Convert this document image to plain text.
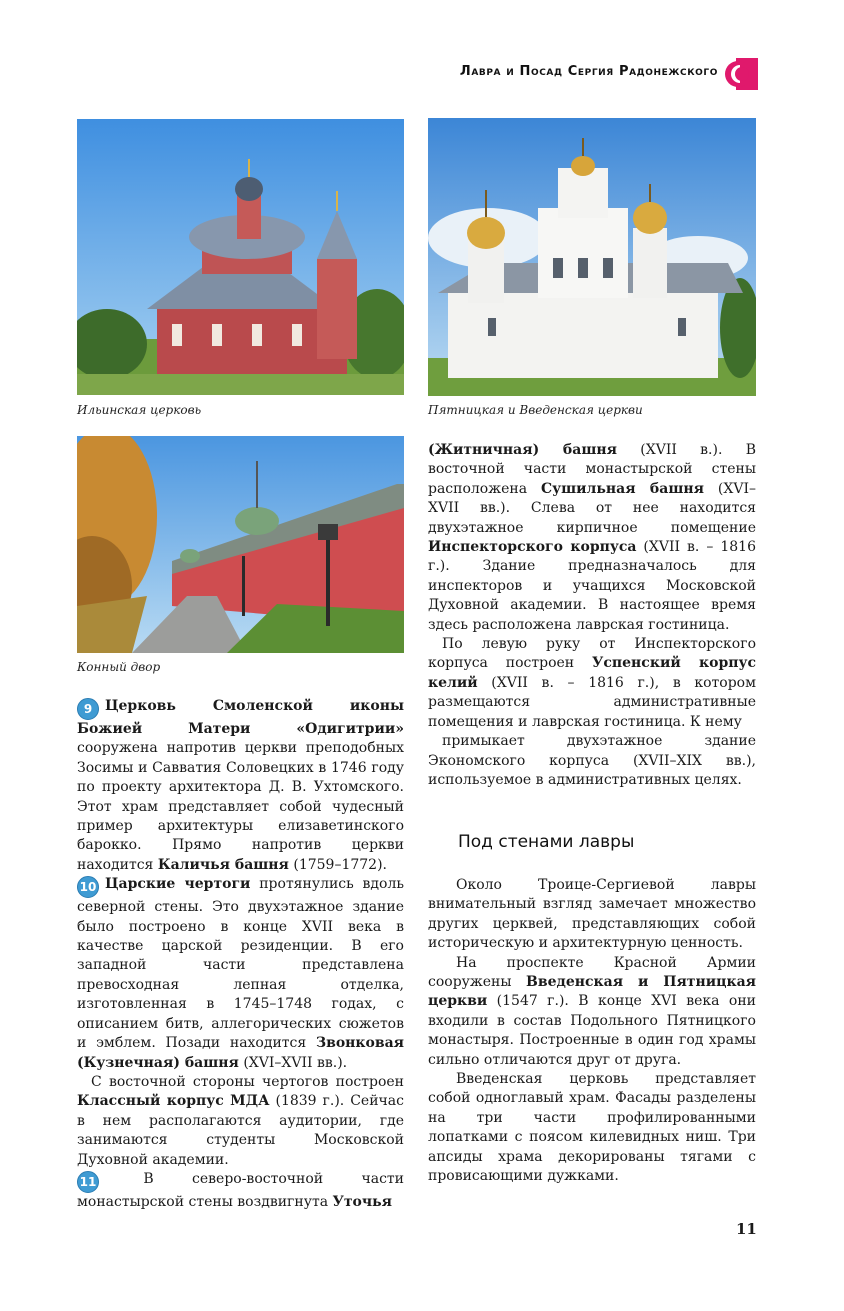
Лавра и Посад Сергия Радонежского
Ильинская церковь	Пятницкая и Введенская церкви
Конный двор

9 Церковь Смоленской иконы Божией Матери «Одигитрии» сооружена напротив церкви преподобных Зосимы и Савватия Соловецких в 1746 году по проекту архитектора Д. В. Ухтомского. Этот храм представляет собой чудесный пример архитектуры елизаветинского барокко. Прямо напротив церкви находится Каличья башня (1759–1772).

10 Царские чертоги протянулись вдоль северной стены. Это двухэтажное здание было построено в конце XVII века в качестве царской резиденции. В его западной части представлена превосходная лепная отделка, изготовленная в 1745–1748 годах, с описанием битв, аллегорических сюжетов и эмблем. Позади находится Звонковая (Кузнечная) башня (XVI–XVII вв.).

С восточной стороны чертогов построен Классный корпус МДА (1839 г.). Сейчас в нем располагаются аудитории, где занимаются студенты Московской Духовной академии.

11 В северо-восточной части монастырской стены воздвигнута Уточья

(Житничная) башня (XVII в.). В восточной части монастырской стены расположена Сушильная башня (XVI–XVII вв.). Слева от нее находится двухэтажное кирпичное помещение Инспекторского корпуса (XVII в. – 1816 г.). Здание предназначалось для инспекторов и учащихся Московской Духовной академии. В настоящее время здесь расположена лаврская гостиница.

По левую руку от Инспекторского корпуса построен Успенский корпус келий (XVII в. – 1816 г.), в котором размещаются административные помещения и лаврская гостиница. К нему

примыкает двухэтажное здание Экономского корпуса (XVII–XIX вв.), используемое в административных целях.

Под стенами лавры

Около Троице-Сергиевой лавры внимательный взгляд замечает множество других церквей, представляющих собой историческую и архитектурную ценность.

На проспекте Красной Армии сооружены Введенская и Пятницкая церкви (1547 г.). В конце XVI века они входили в состав Подольного Пятницкого монастыря. Построенные в один год храмы сильно отличаются друг от друга.

Введенская церковь представляет собой одноглавый храм. Фасады разделены на три части профилированными лопатками с поясом килевидных ниш. Три апсиды храма декорированы тягами с провисающими дужками.

11
